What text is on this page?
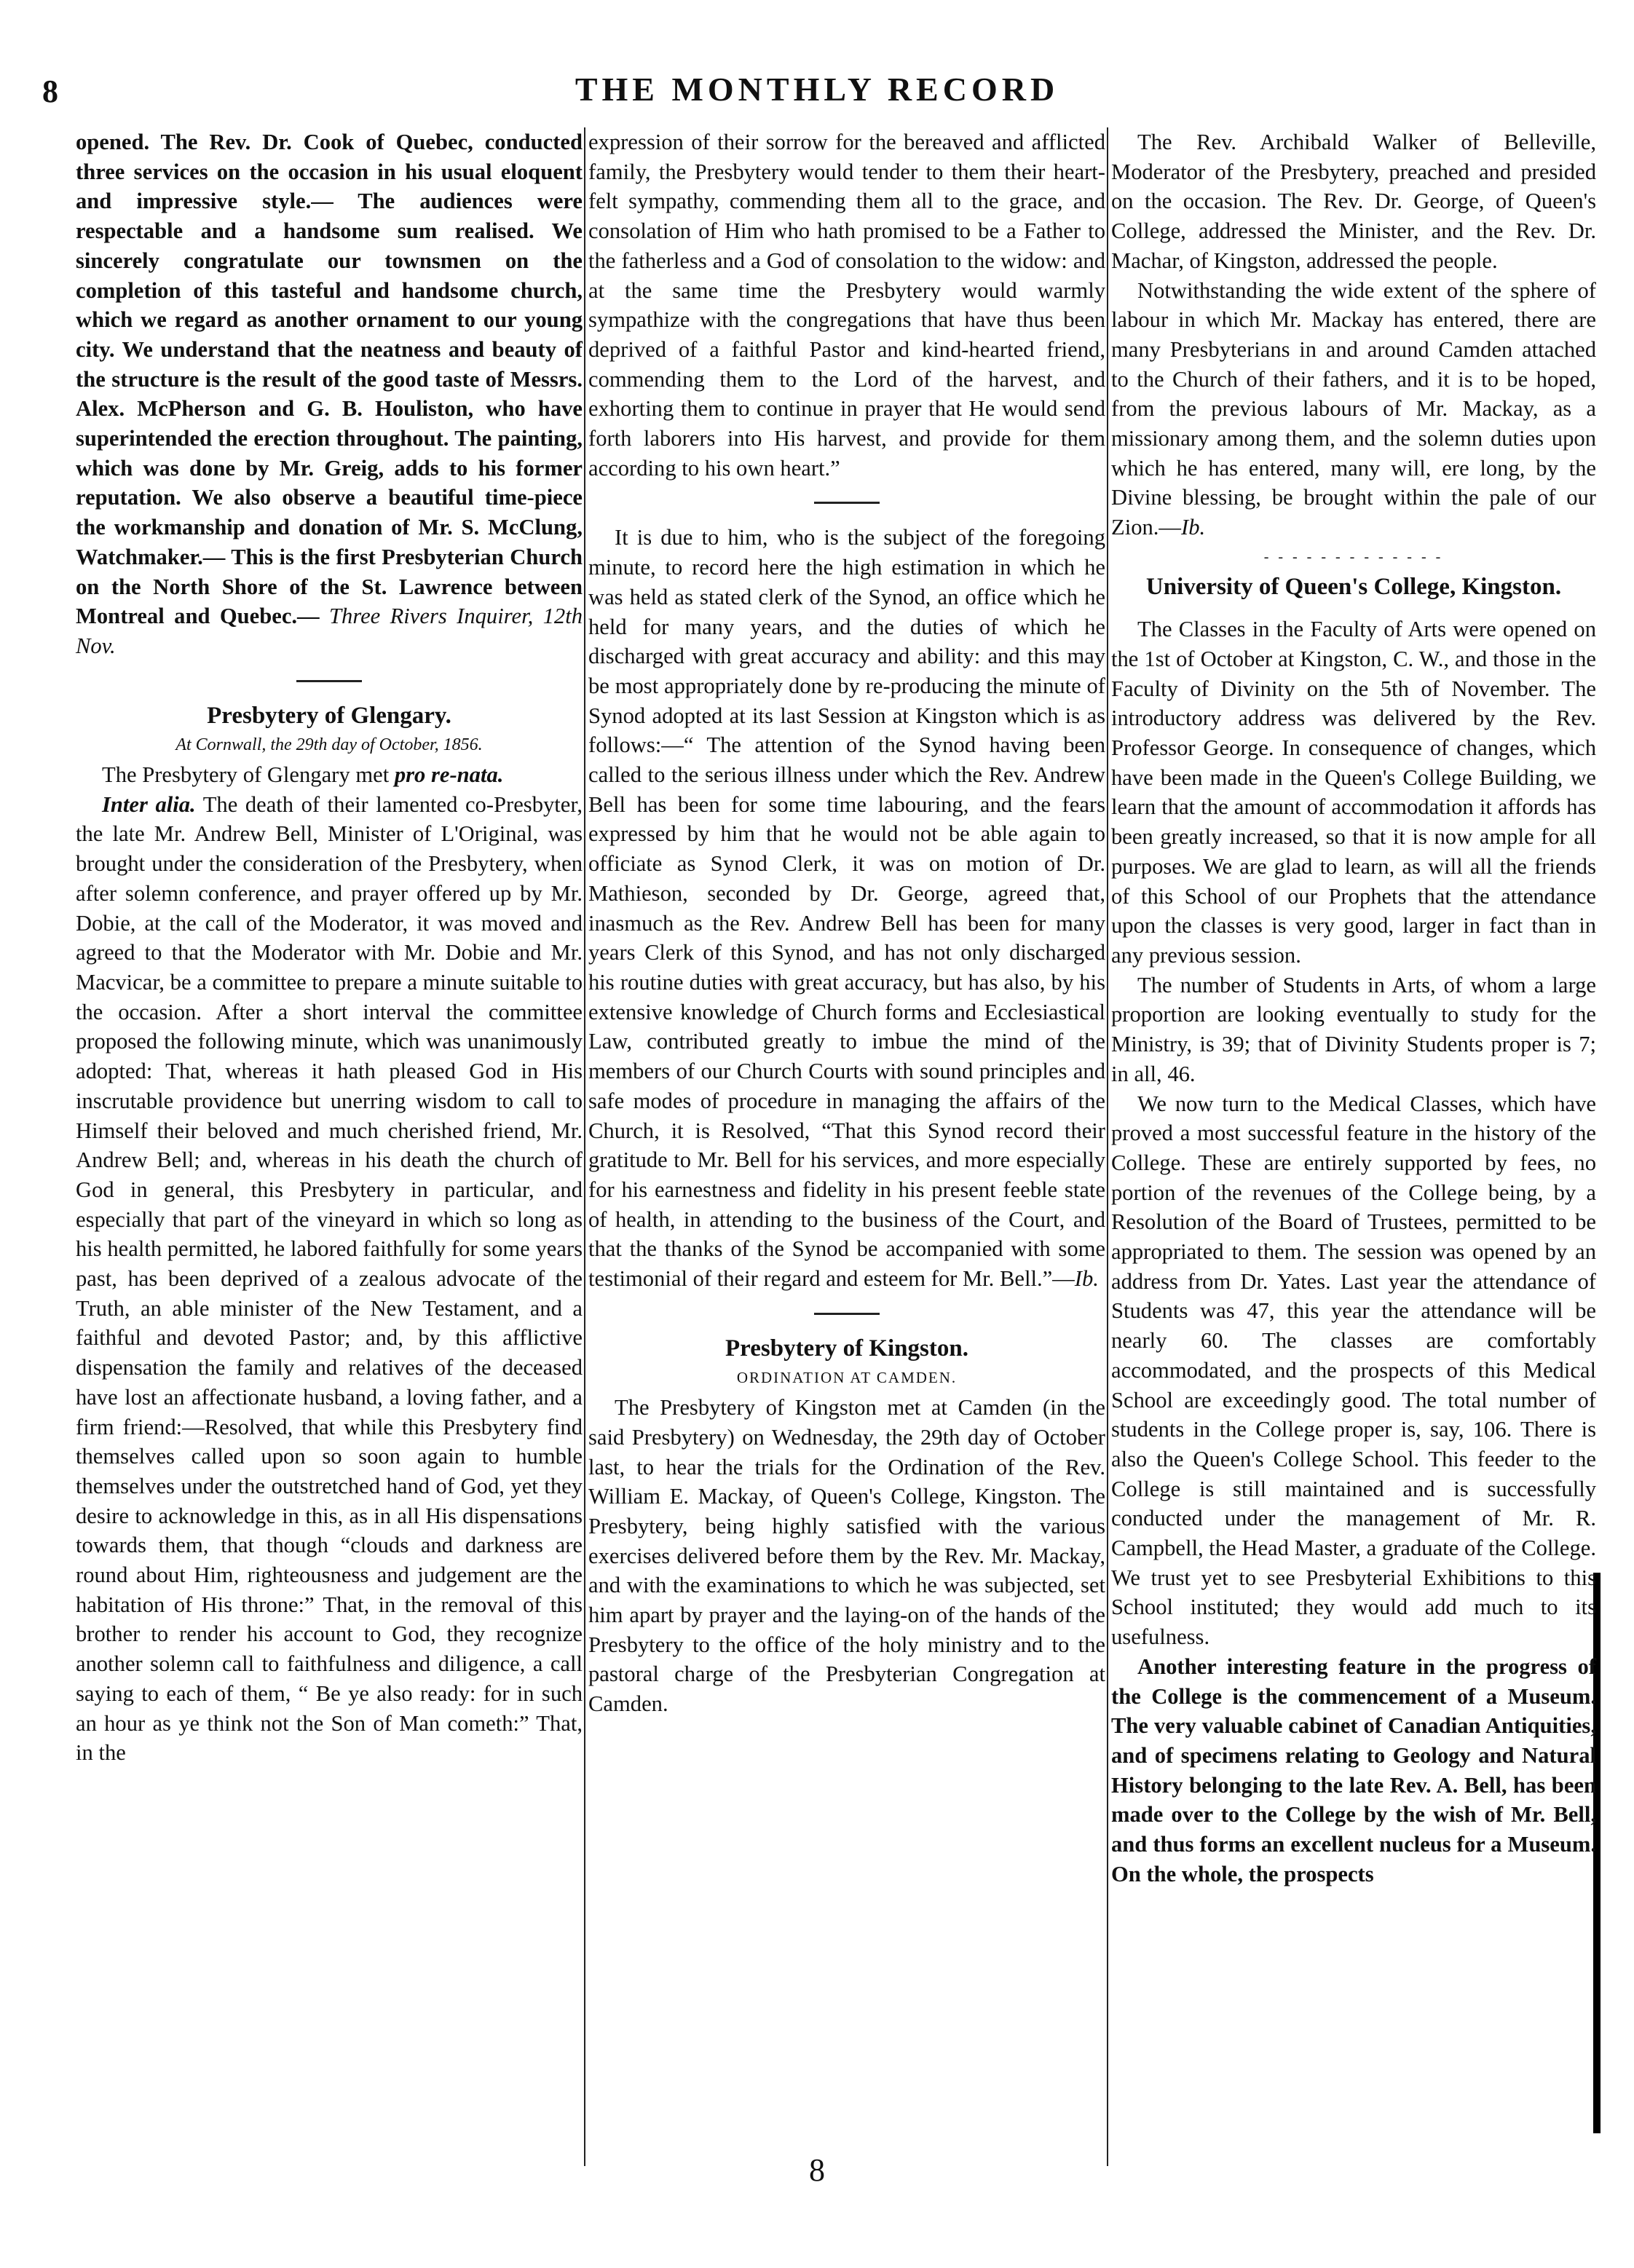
8	THE MONTHLY RECORD

opened. The Rev. Dr. Cook of Quebec, conducted three services on the occasion in his usual eloquent and impressive style.— The audiences were respectable and a handsome sum realised. We sincerely congratulate our townsmen on the completion of this tasteful and handsome church, which we regard as another ornament to our young city. We understand that the neatness and beauty of the structure is the result of the good taste of Messrs. Alex. McPherson and G. B. Houliston, who have superintended the erection throughout. The painting, which was done by Mr. Greig, adds to his former reputation. We also observe a beautiful time-piece the workmanship and donation of Mr. S. McClung, Watchmaker.— This is the first Presbyterian Church on the North Shore of the St. Lawrence between Montreal and Quebec.— Three Rivers Inquirer, 12th Nov.

Presbytery of Glengary.

At Cornwall, the 29th day of October, 1856.

The Presbytery of Glengary met pro re-nata.

Inter alia. The death of their lamented co-Presbyter, the late Mr. Andrew Bell, Minister of L'Original, was brought under the consideration of the Presbytery, when after solemn conference, and prayer offered up by Mr. Dobie, at the call of the Moderator, it was moved and agreed to that the Moderator with Mr. Dobie and Mr. Macvicar, be a committee to prepare a minute suitable to the occasion. After a short interval the committee proposed the following minute, which was unanimously adopted: That, whereas it hath pleased God in His inscrutable providence but unerring wisdom to call to Himself their beloved and much cherished friend, Mr. Andrew Bell; and, whereas in his death the church of God in general, this Presbytery in particular, and especially that part of the vineyard in which so long as his health permitted, he labored faithfully for some years past, has been deprived of a zealous advocate of the Truth, an able minister of the New Testament, and a faithful and devoted Pastor; and, by this afflictive dispensation the family and relatives of the deceased have lost an affectionate husband, a loving father, and a firm friend:—Resolved, that while this Presbytery find themselves called upon so soon again to humble themselves under the outstretched hand of God, yet they desire to acknowledge in this, as in all His dispensations towards them, that though “clouds and darkness are round about Him, righteousness and judgement are the habitation of His throne:” That, in the removal of this brother to render his account to God, they recognize another solemn call to faithfulness and diligence, a call saying to each of them, “ Be ye also ready: for in such an hour as ye think not the Son of Man cometh:” That, in the

expression of their sorrow for the bereaved and afflicted family, the Presbytery would tender to them their heart-felt sympathy, commending them all to the grace, and consolation of Him who hath promised to be a Father to the fatherless and a God of consolation to the widow: and at the same time the Presbytery would warmly sympathize with the congregations that have thus been deprived of a faithful Pastor and kind-hearted friend, commending them to the Lord of the harvest, and exhorting them to continue in prayer that He would send forth laborers into His harvest, and provide for them according to his own heart.”

It is due to him, who is the subject of the foregoing minute, to record here the high estimation in which he was held as stated clerk of the Synod, an office which he held for many years, and the duties of which he discharged with great accuracy and ability: and this may be most appropriately done by re-producing the minute of Synod adopted at its last Session at Kingston which is as follows:—“ The attention of the Synod having been called to the serious illness under which the Rev. Andrew Bell has been for some time labouring, and the fears expressed by him that he would not be able again to officiate as Synod Clerk, it was on motion of Dr. Mathieson, seconded by Dr. George, agreed that, inasmuch as the Rev. Andrew Bell has been for many years Clerk of this Synod, and has not only discharged his routine duties with great accuracy, but has also, by his extensive knowledge of Church forms and Ecclesiastical Law, contributed greatly to imbue the mind of the members of our Church Courts with sound principles and safe modes of procedure in managing the affairs of the Church, it is Resolved, “That this Synod record their gratitude to Mr. Bell for his services, and more especially for his earnestness and fidelity in his present feeble state of health, in attending to the business of the Court, and that the thanks of the Synod be accompanied with some testimonial of their regard and esteem for Mr. Bell.”—Ib.

Presbytery of Kingston.

ORDINATION AT CAMDEN.

The Presbytery of Kingston met at Camden (in the said Presbytery) on Wednesday, the 29th day of October last, to hear the trials for the Ordination of the Rev. William E. Mackay, of Queen's College, Kingston. The Presbytery, being highly satisfied with the various exercises delivered before them by the Rev. Mr. Mackay, and with the examinations to which he was subjected, set him apart by prayer and the laying-on of the hands of the Presbytery to the office of the holy ministry and to the pastoral charge of the Presbyterian Congregation at Camden.

The Rev. Archibald Walker of Belleville, Moderator of the Presbytery, preached and presided on the occasion. The Rev. Dr. George, of Queen's College, addressed the Minister, and the Rev. Dr. Machar, of Kingston, addressed the people.

Notwithstanding the wide extent of the sphere of labour in which Mr. Mackay has entered, there are many Presbyterians in and around Camden attached to the Church of their fathers, and it is to be hoped, from the previous labours of Mr. Mackay, as a missionary among them, and the solemn duties upon which he has entered, many will, ere long, by the Divine blessing, be brought within the pale of our Zion.—Ib.

- - - - - - - - - - - - -

University of Queen's College, Kingston.

The Classes in the Faculty of Arts were opened on the 1st of October at Kingston, C. W., and those in the Faculty of Divinity on the 5th of November. The introductory address was delivered by the Rev. Professor George. In consequence of changes, which have been made in the Queen's College Building, we learn that the amount of accommodation it affords has been greatly increased, so that it is now ample for all purposes. We are glad to learn, as will all the friends of this School of our Prophets that the attendance upon the classes is very good, larger in fact than in any previous session.

The number of Students in Arts, of whom a large proportion are looking eventually to study for the Ministry, is 39; that of Divinity Students proper is 7; in all, 46.

We now turn to the Medical Classes, which have proved a most successful feature in the history of the College. These are entirely supported by fees, no portion of the revenues of the College being, by a Resolution of the Board of Trustees, permitted to be appropriated to them. The session was opened by an address from Dr. Yates. Last year the attendance of Students was 47, this year the attendance will be nearly 60. The classes are comfortably accommodated, and the prospects of this Medical School are exceedingly good. The total number of students in the College proper is, say, 106. There is also the Queen's College School. This feeder to the College is still maintained and is successfully conducted under the management of Mr. R. Campbell, the Head Master, a graduate of the College. We trust yet to see Presbyterial Exhibitions to this School instituted; they would add much to its usefulness.

Another interesting feature in the progress of the College is the commencement of a Museum. The very valuable cabinet of Canadian Antiquities, and of specimens relating to Geology and Natural History belonging to the late Rev. A. Bell, has been made over to the College by the wish of Mr. Bell, and thus forms an excellent nucleus for a Museum. On the whole, the prospects

8
